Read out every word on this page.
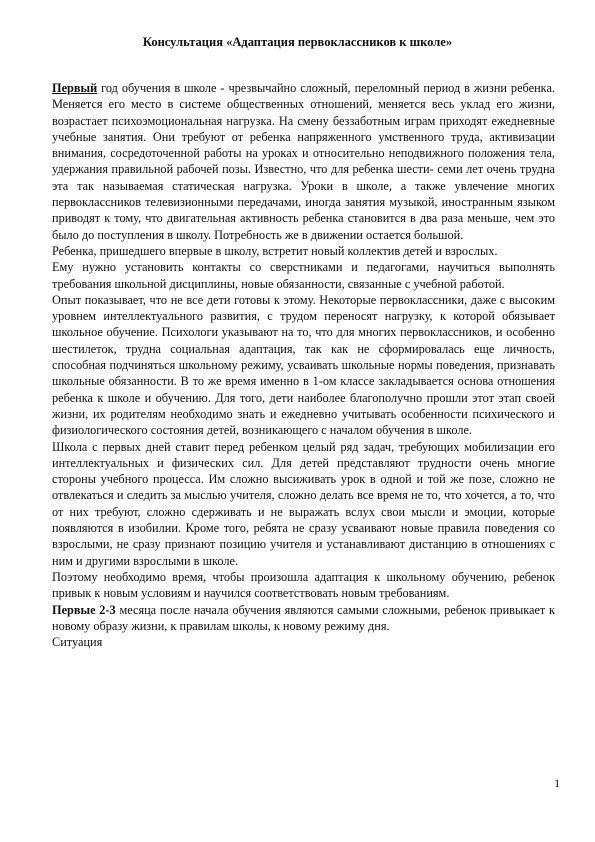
Консультация «Адаптация первоклассников к школе»

Первый год обучения в школе - чрезвычайно сложный, переломный период в жизни ребенка. Меняется его место в системе общественных отношений, меняется весь уклад его жизни, возрастает психоэмоциональная нагрузка. На смену беззаботным играм приходят ежедневные учебные занятия. Они требуют от ребенка напряженного умственного труда, активизации внимания, сосредоточенной работы на уроках и относительно неподвижного положения тела, удержания правильной рабочей позы. Известно, что для ребенка шести- семи лет очень трудна эта так называемая статическая нагрузка. Уроки в школе, а также увлечение многих первоклассников телевизионными передачами, иногда занятия музыкой, иностранным языком приводят к тому, что двигательная активность ребенка становится в два раза меньше, чем это было до поступления в школу. Потребность же в движении остается большой.

Ребенка, пришедшего впервые в школу, встретит новый коллектив детей и взрослых.

Ему нужно установить контакты со сверстниками и педагогами, научиться выполнять требования школьной дисциплины, новые обязанности, связанные с учебной работой.

Опыт показывает, что не все дети готовы к этому. Некоторые первоклассники, даже с высоким уровнем интеллектуального развития, с трудом переносят нагрузку, к которой обязывает школьное обучение. Психологи указывают на то, что для многих первоклассников, и особенно шестилеток, трудна социальная адаптация, так как не сформировалась еще личность, способная подчиняться школьному режиму, усваивать школьные нормы поведения, признавать школьные обязанности. В то же время именно в 1-ом классе закладывается основа отношения ребенка к школе и обучению. Для того, дети наиболее благополучно прошли этот этап своей жизни, их родителям необходимо знать и ежедневно учитывать особенности психического и физиологического состояния детей, возникающего с началом обучения в школе.

Школа с первых дней ставит перед ребенком целый ряд задач, требующих мобилизации его интеллектуальных и физических сил. Для детей представляют трудности очень многие стороны учебного процесса. Им сложно высиживать урок в одной и той же позе, сложно не отвлекаться и следить за мыслью учителя, сложно делать все время не то, что хочется, а то, что от них требуют, сложно сдерживать и не выражать вслух свои мысли и эмоции, которые появляются в изобилии. Кроме того, ребята не сразу усваивают новые правила поведения со взрослыми, не сразу признают позицию учителя и устанавливают дистанцию в отношениях с ним и другими взрослыми в школе.

Поэтому необходимо время, чтобы произошла адаптация к школьному обучению, ребенок привык к новым условиям и научился соответствовать новым требованиям.

Первые 2-3 месяца после начала обучения являются самыми сложными, ребенок привыкает к новому образу жизни, к правилам школы, к новому режиму дня.

Ситуация

1
